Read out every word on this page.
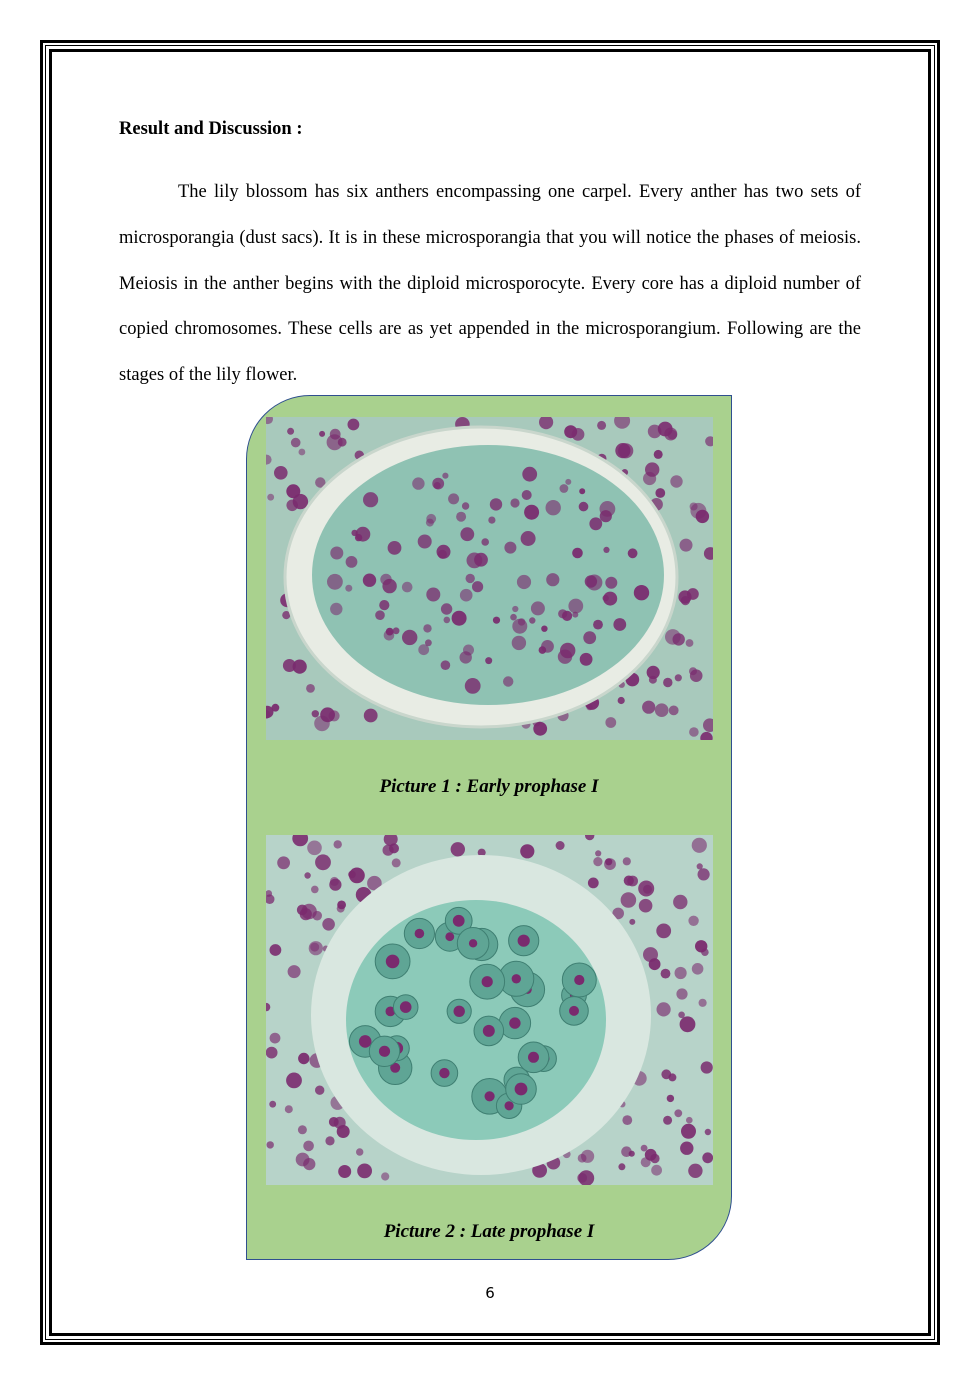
Result and Discussion :

The lily blossom has six anthers encompassing one carpel. Every anther has two sets of microsporangia (dust sacs). It is in these microsporangia that you will notice the phases of meiosis. Meiosis in the anther begins with the diploid microsporocyte. Every core has a diploid number of copied chromosomes. These cells are as yet appended in the microsporangium. Following are the stages of the lily flower.

Picture 1 : Early prophase I

Picture 2 : Late prophase I

6
